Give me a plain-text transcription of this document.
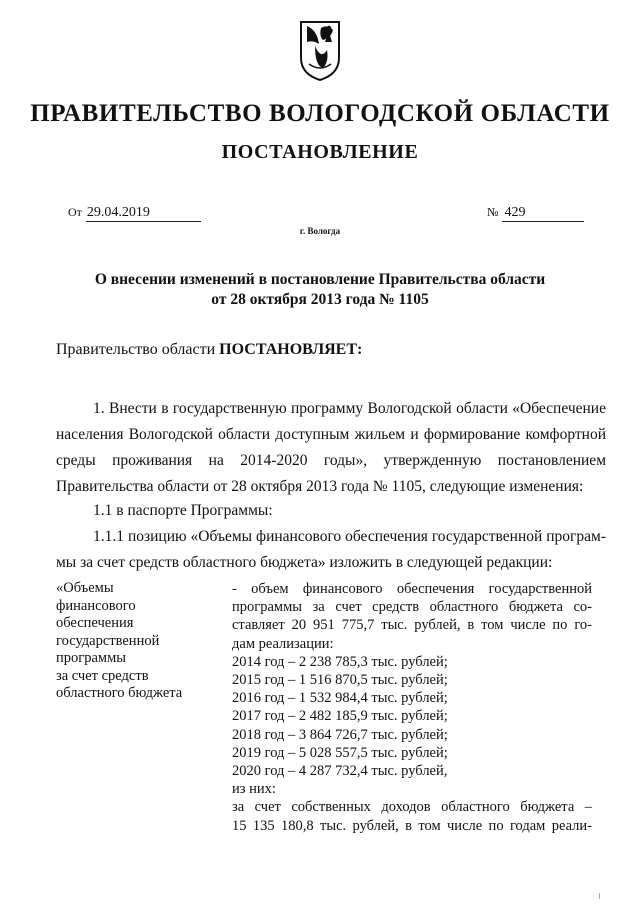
ПРАВИТЕЛЬСТВО ВОЛОГОДСКОЙ ОБЛАСТИ
ПОСТАНОВЛЕНИЕ
От 29.04.2019	№ 429
г. Вологда
О внесении изменений в постановление Правительства области
от 28 октября 2013 года № 1105
Правительство области ПОСТАНОВЛЯЕТ:
1. Внести в государственную программу Вологодской области «Обеспечение
населения Вологодской области доступным жильем и формирование комфортной
среды проживания на 2014-2020 годы», утвержденную постановлением
Правительства области от 28 октября 2013 года № 1105, следующие изменения:
1.1 в паспорте Программы:
1.1.1 позицию «Объемы финансового обеспечения государственной програм-
мы за счет средств областного бюджета» изложить в следующей редакции:
«Объемы
финансового
обеспечения
государственной
программы
за счет средств
областного бюджета
- объем финансового обеспечения государственной
программы за счет средств областного бюджета со-
ставляет 20 951 775,7 тыс. рублей, в том числе по го-
дам реализации:
2014 год – 2 238 785,3 тыс. рублей;
2015 год – 1 516 870,5 тыс. рублей;
2016 год – 1 532 984,4 тыс. рублей;
2017 год – 2 482 185,9 тыс. рублей;
2018 год – 3 864 726,7 тыс. рублей;
2019 год – 5 028 557,5 тыс. рублей;
2020 год – 4 287 732,4 тыс. рублей,
из них:
за счет собственных доходов областного бюджета –
15 135 180,8 тыс. рублей, в том числе по годам реали-
